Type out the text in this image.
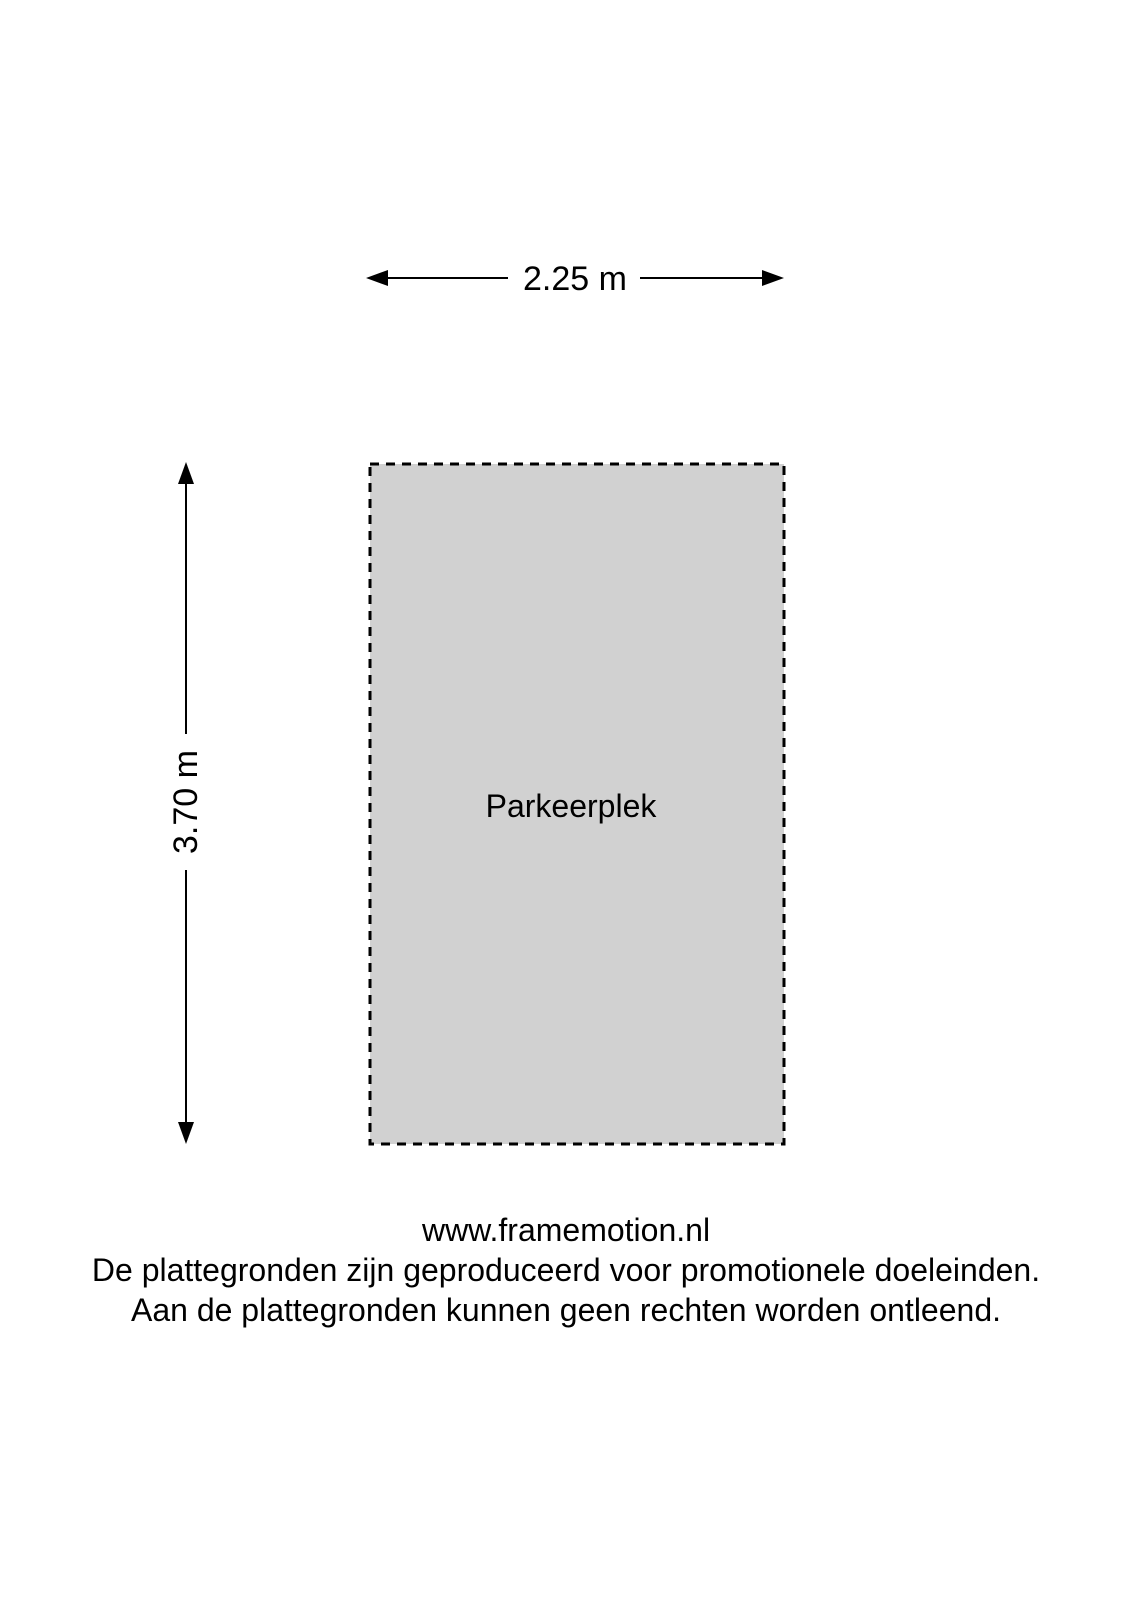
2.25 m
3.70 m	Parkeerplek
www.framemotion.nl
De plattegronden zijn geproduceerd voor promotionele doeleinden.
Aan de plattegronden kunnen geen rechten worden ontleend.
